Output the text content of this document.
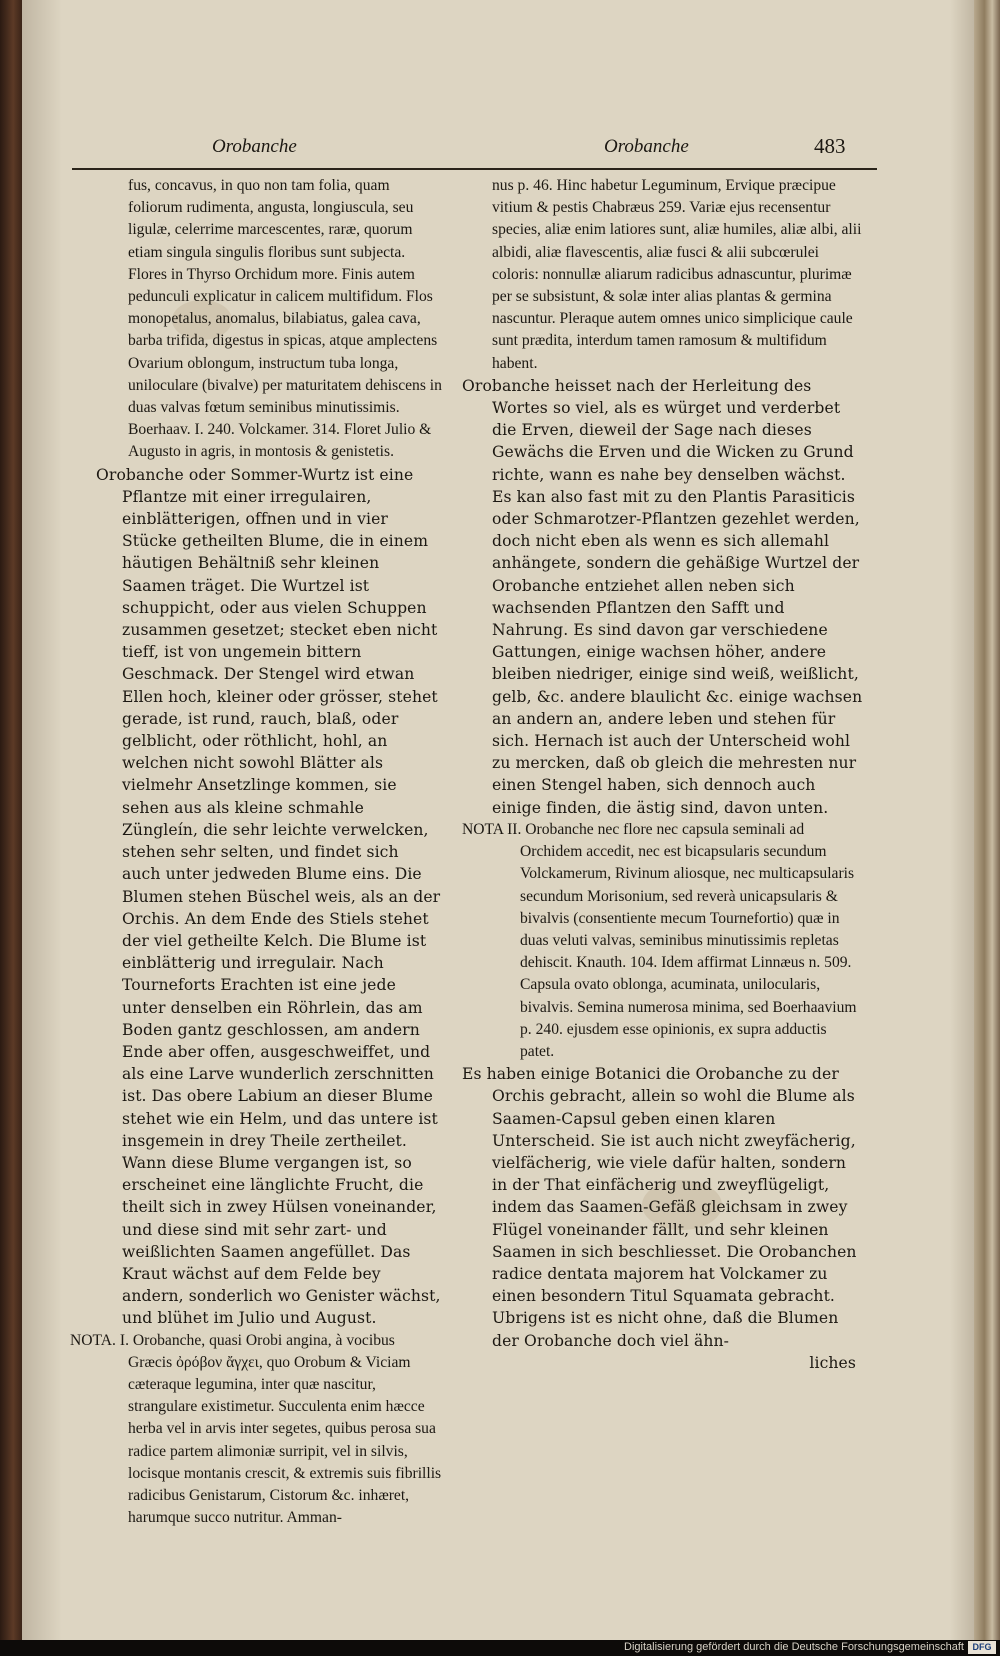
Orobanche	Orobanche	483

fus, concavus, in quo non tam folia, quam foliorum rudimenta, angusta, longiuscula, seu ligulæ, celerrime marcescentes, raræ, quorum etiam singula singulis floribus sunt subjecta. Flores in Thyrso Orchidum more. Finis autem pedunculi explicatur in calicem multifidum. Flos monopetalus, anomalus, bilabiatus, galea cava, barba trifida, digestus in spicas, atque amplectens Ovarium oblongum, instructum tuba longa, uniloculare (bivalve) per maturitatem dehiscens in duas valvas fœtum seminibus minutissimis. Boerhaav. I. 240. Volckamer. 314. Floret Julio & Augusto in agris, in montosis & genistetis.

Orobanche oder Sommer-Wurtz ist eine Pflantze mit einer irregulairen, einblätterigen, offnen und in vier Stücke getheilten Blume, die in einem häutigen Behältniß sehr kleinen Saamen träget. Die Wurtzel ist schuppicht, oder aus vielen Schuppen zusammen gesetzet; stecket eben nicht tieff, ist von ungemein bittern Geschmack. Der Stengel wird etwan Ellen hoch, kleiner oder grösser, stehet gerade, ist rund, rauch, blaß, oder gelblicht, oder röthlicht, hohl, an welchen nicht sowohl Blätter als vielmehr Ansetzlinge kommen, sie sehen aus als kleine schmahle Züngleín, die sehr leichte verwelcken, stehen sehr selten, und findet sich auch unter jedweden Blume eins. Die Blumen stehen Büschel weis, als an der Orchis. An dem Ende des Stiels stehet der viel getheilte Kelch. Die Blume ist einblätterig und irregulair. Nach Tourneforts Erachten ist eine jede unter denselben ein Röhrlein, das am Boden gantz geschlossen, am andern Ende aber offen, ausgeschweiffet, und als eine Larve wunderlich zerschnitten ist. Das obere Labium an dieser Blume stehet wie ein Helm, und das untere ist insgemein in drey Theile zertheilet. Wann diese Blume vergangen ist, so erscheinet eine länglichte Frucht, die theilt sich in zwey Hülsen voneinander, und diese sind mit sehr zart- und weißlichten Saamen angefüllet. Das Kraut wächst auf dem Felde bey andern, sonderlich wo Genister wächst, und blühet im Julio und August.

NOTA. I. Orobanche, quasi Orobi angina, à vocibus Græcis ὀρόβον ἄγχει, quo Orobum & Viciam cæteraque legumina, inter quæ nascitur, strangulare existimetur. Succulenta enim hæcce herba vel in arvis inter segetes, quibus perosa sua radice partem alimoniæ surripit, vel in silvis, locisque montanis crescit, & extremis suis fibrillis radicibus Genistarum, Cistorum &c. inhæret, harumque succo nutritur. Amman-

nus p. 46. Hinc habetur Leguminum, Ervique præcipue vitium & pestis Chabræus 259. Variæ ejus recensentur species, aliæ enim latiores sunt, aliæ humiles, aliæ albi, alii albidi, aliæ flavescentis, aliæ fusci & alii subcœrulei coloris: nonnullæ aliarum radicibus adnascuntur, plurimæ per se subsistunt, & solæ inter alias plantas & germina nascuntur. Pleraque autem omnes unico simplicique caule sunt prædita, interdum tamen ramosum & multifidum habent.

Orobanche heisset nach der Herleitung des Wortes so viel, als es würget und verderbet die Erven, dieweil der Sage nach dieses Gewächs die Erven und die Wicken zu Grund richte, wann es nahe bey denselben wächst. Es kan also fast mit zu den Plantis Parasiticis oder Schmarotzer-Pflantzen gezehlet werden, doch nicht eben als wenn es sich allemahl anhängete, sondern die gehäßige Wurtzel der Orobanche entziehet allen neben sich wachsenden Pflantzen den Safft und Nahrung. Es sind davon gar verschiedene Gattungen, einige wachsen höher, andere bleiben niedriger, einige sind weiß, weißlicht, gelb, &c. andere blaulicht &c. einige wachsen an andern an, andere leben und stehen für sich. Hernach ist auch der Unterscheid wohl zu mercken, daß ob gleich die mehresten nur einen Stengel haben, sich dennoch auch einige finden, die ästig sind, davon unten.

NOTA II. Orobanche nec flore nec capsula seminali ad Orchidem accedit, nec est bicapsularis secundum Volckamerum, Rivinum aliosque, nec multicapsularis secundum Morisonium, sed reverà unicapsularis & bivalvis (consentiente mecum Tournefortio) quæ in duas veluti valvas, seminibus minutissimis repletas dehiscit. Knauth. 104. Idem affirmat Linnæus n. 509. Capsula ovato oblonga, acuminata, unilocularis, bivalvis. Semina numerosa minima, sed Boerhaavium p. 240. ejusdem esse opinionis, ex supra adductis patet.

Es haben einige Botanici die Orobanche zu der Orchis gebracht, allein so wohl die Blume als Saamen-Capsul geben einen klaren Unterscheid. Sie ist auch nicht zweyfächerig, vielfächerig, wie viele dafür halten, sondern in der That einfächerig und zweyflügeligt, indem das Saamen-Gefäß gleichsam in zwey Flügel voneinander fällt, und sehr kleinen Saamen in sich beschliesset. Die Orobanchen radice dentata majorem hat Volckamer zu einen besondern Titul Squamata gebracht. Ubrigens ist es nicht ohne, daß die Blumen der Orobanche doch viel ähn-

liches

Digitalisierung gefördert durch die Deutsche Forschungsgemeinschaft DFG
